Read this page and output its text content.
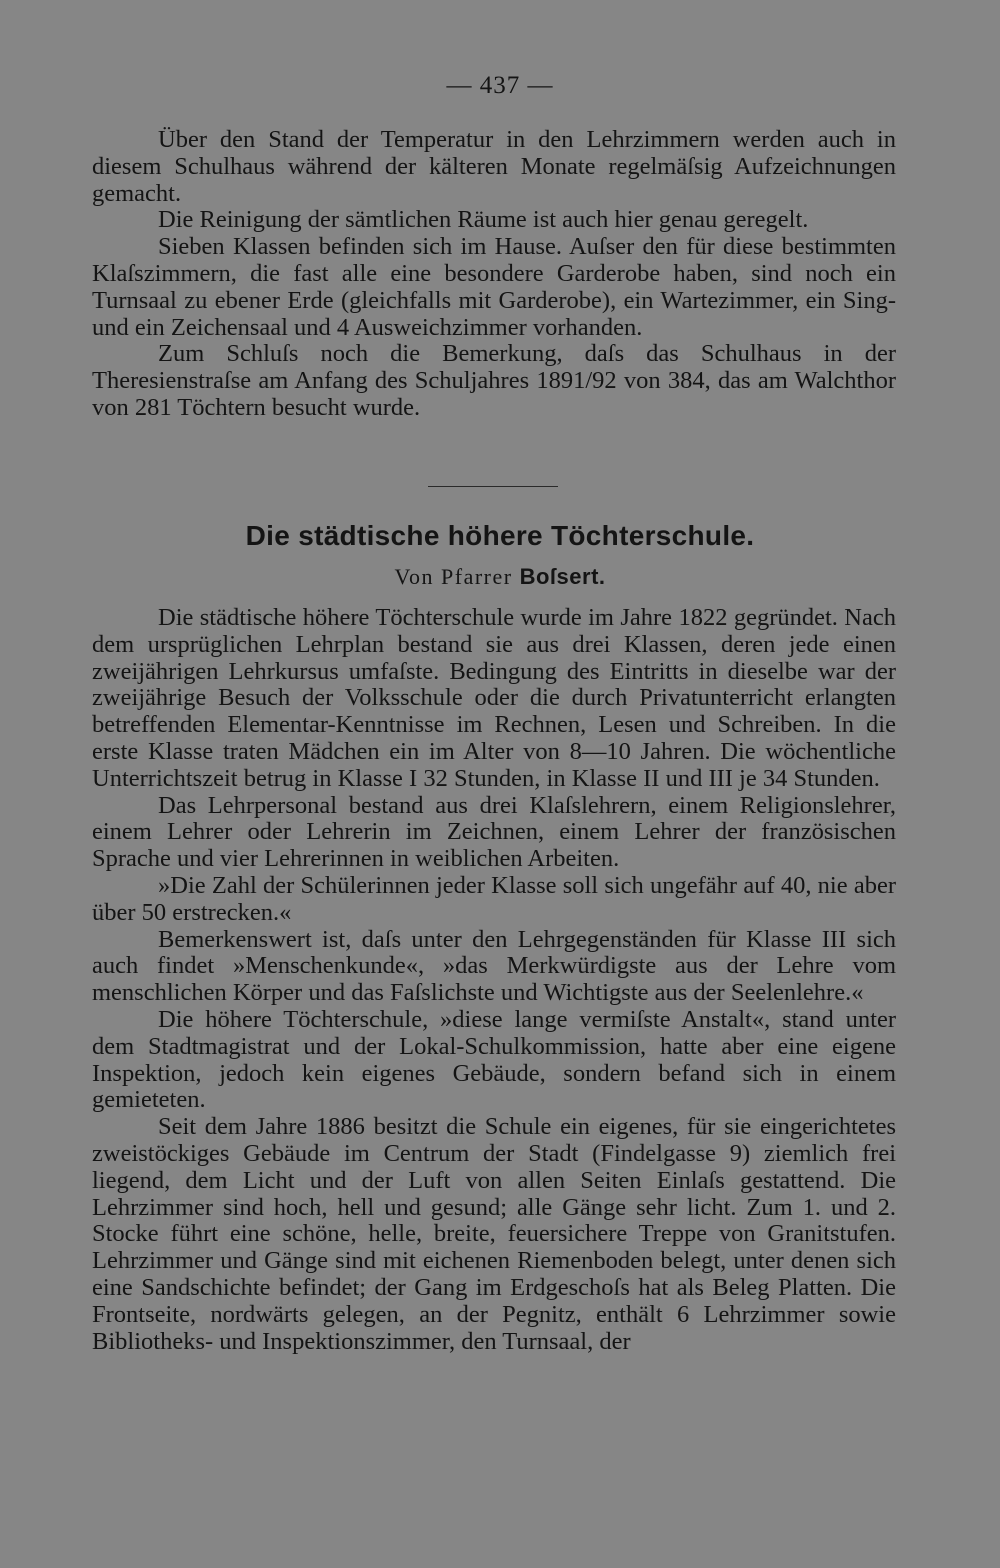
— 437 —

Über den Stand der Temperatur in den Lehrzimmern werden auch in diesem Schulhaus während der kälteren Monate regelmäſsig Aufzeichnungen gemacht.

Die Reinigung der sämtlichen Räume ist auch hier genau geregelt.

Sieben Klassen befinden sich im Hause. Auſser den für diese bestimmten Klaſszimmern, die fast alle eine besondere Garderobe haben, sind noch ein Turnsaal zu ebener Erde (gleichfalls mit Garderobe), ein Wartezimmer, ein Sing- und ein Zeichensaal und 4 Ausweichzimmer vorhanden.

Zum Schluſs noch die Bemerkung, daſs das Schulhaus in der Theresienstraſse am Anfang des Schuljahres 1891/92 von 384, das am Walchthor von 281 Töchtern besucht wurde.

Die städtische höhere Töchterschule.
Von Pfarrer Boſsert.

Die städtische höhere Töchterschule wurde im Jahre 1822 gegründet. Nach dem ursprüglichen Lehrplan bestand sie aus drei Klassen, deren jede einen zweijährigen Lehrkursus umfaſste. Bedingung des Eintritts in dieselbe war der zweijährige Besuch der Volksschule oder die durch Privatunterricht erlangten betreffenden Elementar-Kenntnisse im Rechnen, Lesen und Schreiben. In die erste Klasse traten Mädchen ein im Alter von 8—10 Jahren. Die wöchentliche Unterrichtszeit betrug in Klasse I 32 Stunden, in Klasse II und III je 34 Stunden.

Das Lehrpersonal bestand aus drei Klaſslehrern, einem Religionslehrer, einem Lehrer oder Lehrerin im Zeichnen, einem Lehrer der französischen Sprache und vier Lehrerinnen in weiblichen Arbeiten.

»Die Zahl der Schülerinnen jeder Klasse soll sich ungefähr auf 40, nie aber über 50 erstrecken.«

Bemerkenswert ist, daſs unter den Lehrgegenständen für Klasse III sich auch findet »Menschenkunde«, »das Merkwürdigste aus der Lehre vom menschlichen Körper und das Faſslichste und Wichtigste aus der Seelenlehre.«

Die höhere Töchterschule, »diese lange vermiſste Anstalt«, stand unter dem Stadtmagistrat und der Lokal-Schulkommission, hatte aber eine eigene Inspektion, jedoch kein eigenes Gebäude, sondern befand sich in einem gemieteten.

Seit dem Jahre 1886 besitzt die Schule ein eigenes, für sie eingerichtetes zweistöckiges Gebäude im Centrum der Stadt (Findelgasse 9) ziemlich frei liegend, dem Licht und der Luft von allen Seiten Einlaſs gestattend. Die Lehrzimmer sind hoch, hell und gesund; alle Gänge sehr licht. Zum 1. und 2. Stocke führt eine schöne, helle, breite, feuersichere Treppe von Granitstufen. Lehrzimmer und Gänge sind mit eichenen Riemenboden belegt, unter denen sich eine Sandschichte befindet; der Gang im Erdgeschoſs hat als Beleg Platten. Die Frontseite, nordwärts gelegen, an der Pegnitz, enthält 6 Lehrzimmer sowie Bibliotheks- und Inspektionszimmer, den Turnsaal, der
